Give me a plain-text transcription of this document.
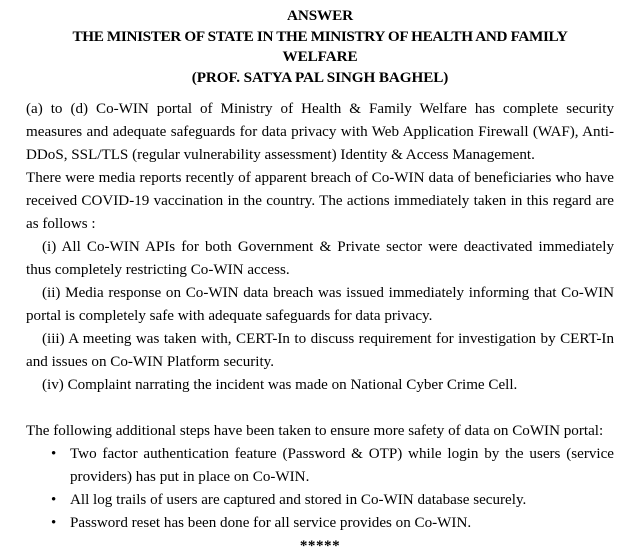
ANSWER
THE MINISTER OF STATE IN THE MINISTRY OF HEALTH AND FAMILY
WELFARE
(PROF. SATYA PAL SINGH BAGHEL)

(a) to (d) Co-WIN portal of Ministry of Health & Family Welfare has complete security measures and adequate safeguards for data privacy with Web Application Firewall (WAF), Anti-DDoS, SSL/TLS (regular vulnerability assessment) Identity & Access Management.

There were media reports recently of apparent breach of Co-WIN data of beneficiaries who have received COVID-19 vaccination in the country. The actions immediately taken in this regard are as follows :

(i) All Co-WIN APIs for both Government & Private sector were deactivated immediately thus completely restricting Co-WIN access.

(ii) Media response on Co-WIN data breach was issued immediately informing that Co-WIN portal is completely safe with adequate safeguards for data privacy.

(iii) A meeting was taken with, CERT-In to discuss requirement for investigation by CERT-In and issues on Co-WIN Platform security.

(iv) Complaint narrating the incident was made on National Cyber Crime Cell.

The following additional steps have been taken to ensure more safety of data on CoWIN portal:

• Two factor authentication feature (Password & OTP) while login by the users (service providers) has put in place on Co-WIN.
• All log trails of users are captured and stored in Co-WIN database securely.
• Password reset has been done for all service provides on Co-WIN.
*****
